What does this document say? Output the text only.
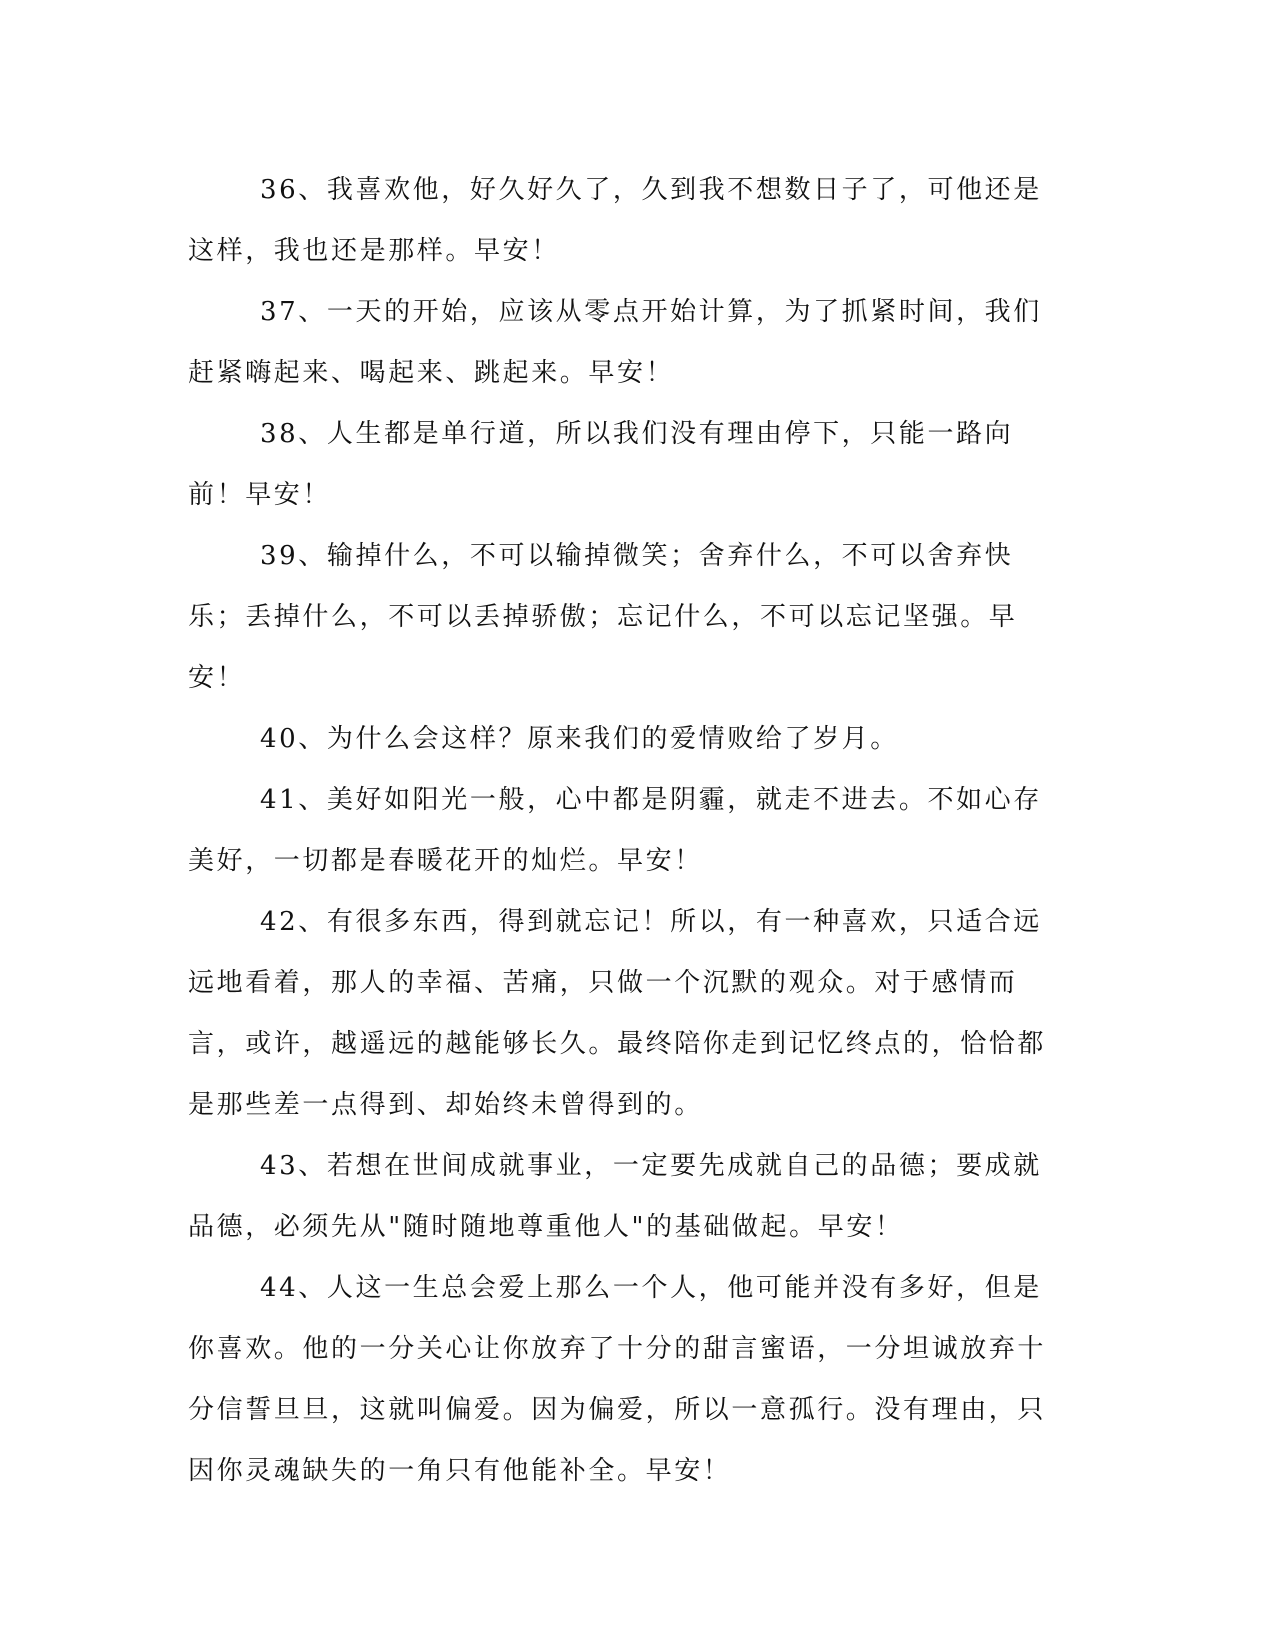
36、我喜欢他，好久好久了，久到我不想数日子了，可他还是这样，我也还是那样。早安！

37、一天的开始，应该从零点开始计算，为了抓紧时间，我们赶紧嗨起来、喝起来、跳起来。早安！

38、人生都是单行道，所以我们没有理由停下，只能一路向前！早安！

39、输掉什么，不可以输掉微笑；舍弃什么，不可以舍弃快乐；丢掉什么，不可以丢掉骄傲；忘记什么，不可以忘记坚强。早安！

40、为什么会这样？原来我们的爱情败给了岁月。

41、美好如阳光一般，心中都是阴霾，就走不进去。不如心存美好，一切都是春暖花开的灿烂。早安！

42、有很多东西，得到就忘记！所以，有一种喜欢，只适合远远地看着，那人的幸福、苦痛，只做一个沉默的观众。对于感情而言，或许，越遥远的越能够长久。最终陪你走到记忆终点的，恰恰都是那些差一点得到、却始终未曾得到的。

43、若想在世间成就事业，一定要先成就自己的品德；要成就品德，必须先从"随时随地尊重他人"的基础做起。早安！

44、人这一生总会爱上那么一个人，他可能并没有多好，但是你喜欢。他的一分关心让你放弃了十分的甜言蜜语，一分坦诚放弃十分信誓旦旦，这就叫偏爱。因为偏爱，所以一意孤行。没有理由，只因你灵魂缺失的一角只有他能补全。早安！
